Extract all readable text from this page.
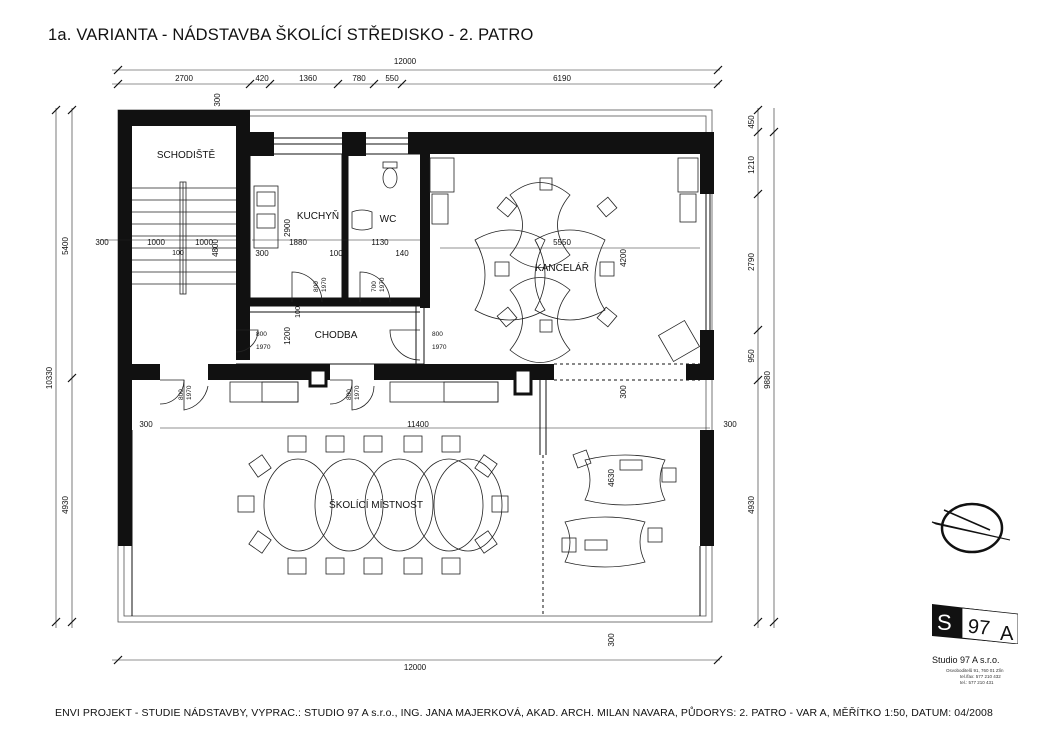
1a. VARIANTA - NÁDSTAVBA ŠKOLÍCÍ STŘEDISKO - 2. PATRO
12000
2700	420	1360	780 550	6190
12000
5400
10330
4930
450
1210
2790
950
4930
9880
300
300	1000	1000
100	4800	1880
2900
300	100
1130
140
5550
4200
1200
100
300	11400	300
4630
300
300
800 1970	700 1970
800
1970
800
1970
800 1970	800 1970
SCHODIŠTĚ
KUCHYŇ	WC
KANCELÁŘ
CHODBA
ŠKOLÍCÍ MÍSTNOST
S 97 A
Studio 97 A s.r.o.
Osvoboditelů 91, 760 01 Zlín
tel./fax: 577 210 432
tel.: 577 210 431
ENVI PROJEKT - STUDIE NÁDSTAVBY, VYPRAC.: STUDIO 97 A s.r.o., ING. JANA MAJERKOVÁ, AKAD. ARCH. MILAN NAVARA, PŮDORYS: 2. PATRO - VAR A, MĚŘÍTKO 1:50, DATUM: 04/2008
